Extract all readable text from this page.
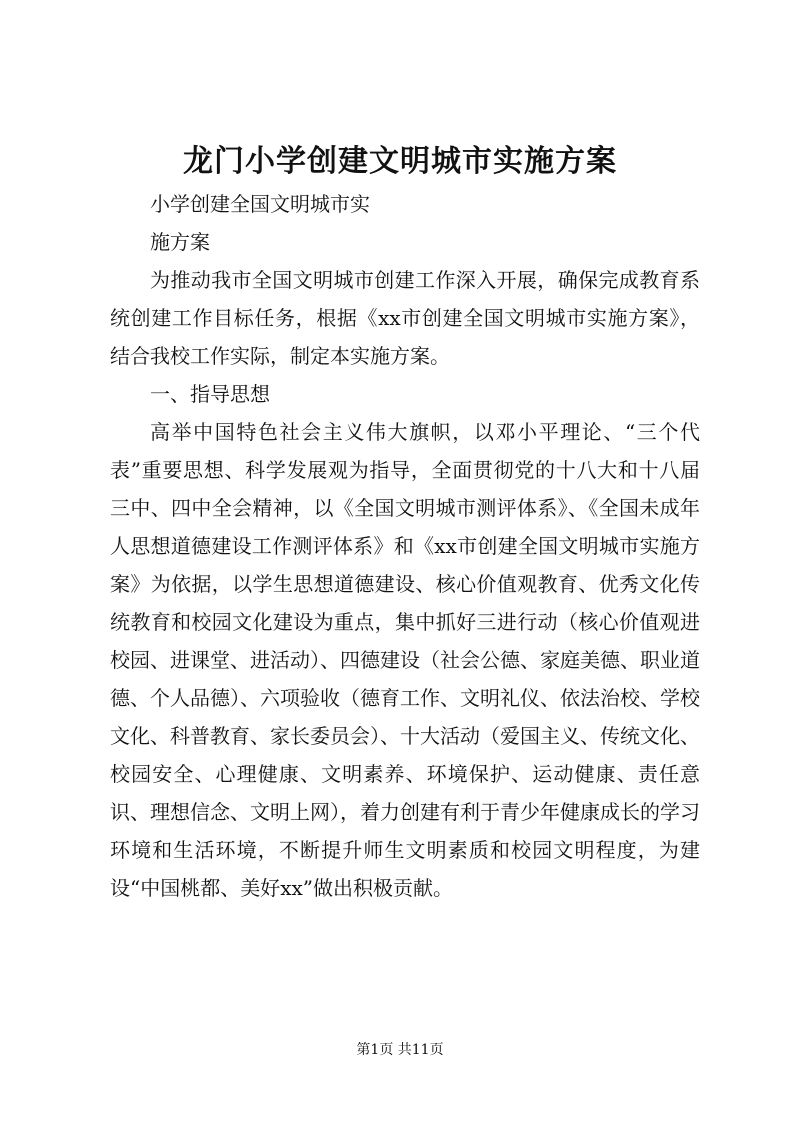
龙门小学创建文明城市实施方案

小学创建全国文明城市实

施方案

为推动我市全国文明城市创建工作深入开展，确保完成教育系统创建工作目标任务，根据《xx市创建全国文明城市实施方案》，结合我校工作实际，制定本实施方案。

一、指导思想

高举中国特色社会主义伟大旗帜，以邓小平理论、“三个代表”重要思想、科学发展观为指导，全面贯彻党的十八大和十八届三中、四中全会精神，以《全国文明城市测评体系》、《全国未成年人思想道德建设工作测评体系》和《xx市创建全国文明城市实施方案》为依据，以学生思想道德建设、核心价值观教育、优秀文化传统教育和校园文化建设为重点，集中抓好三进行动（核心价值观进校园、进课堂、进活动）、四德建设（社会公德、家庭美德、职业道德、个人品德）、六项验收（德育工作、文明礼仪、依法治校、学校文化、科普教育、家长委员会）、十大活动（爱国主义、传统文化、校园安全、心理健康、文明素养、环境保护、运动健康、责任意识、理想信念、文明上网），着力创建有利于青少年健康成长的学习环境和生活环境，不断提升师生文明素质和校园文明程度，为建设“中国桃都、美好xx”做出积极贡献。

第1页 共11页
